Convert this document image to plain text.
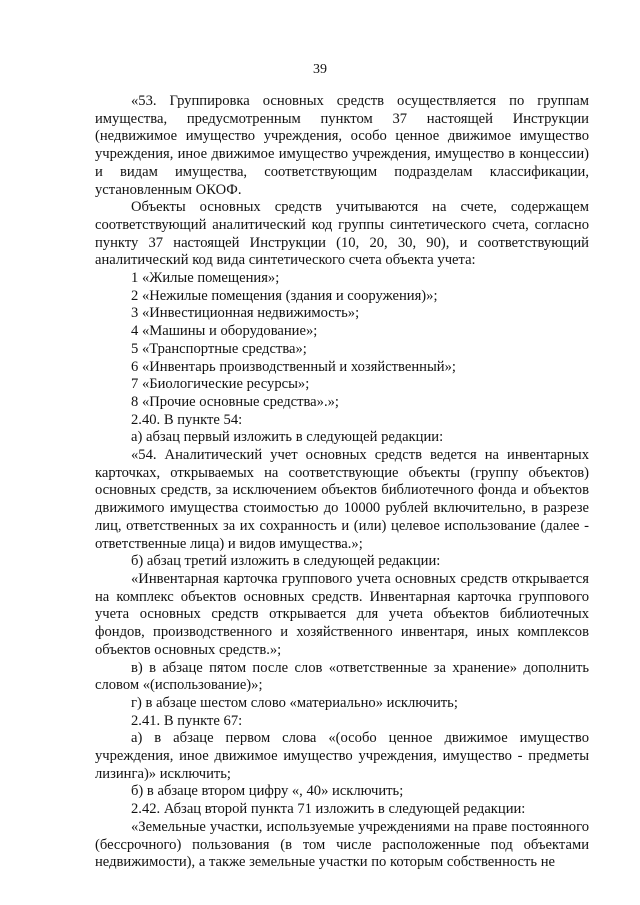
39

«53. Группировка основных средств осуществляется по группам имущества, предусмотренным пунктом 37 настоящей Инструкции (недвижимое имущество учреждения, особо ценное движимое имущество учреждения, иное движимое имущество учреждения, имущество в концессии) и видам имущества, соответствующим подразделам классификации, установленным ОКОФ.

Объекты основных средств учитываются на счете, содержащем соответствующий аналитический код группы синтетического счета, согласно пункту 37 настоящей Инструкции (10, 20, 30, 90), и соответствующий аналитический код вида синтетического счета объекта учета:

1 «Жилые помещения»;

2 «Нежилые помещения (здания и сооружения)»;

3 «Инвестиционная недвижимость»;

4 «Машины и оборудование»;

5 «Транспортные средства»;

6 «Инвентарь производственный и хозяйственный»;

7 «Биологические ресурсы»;

8 «Прочие основные средства».»;

2.40. В пункте 54:

а) абзац первый изложить в следующей редакции:

«54. Аналитический учет основных средств ведется на инвентарных карточках, открываемых на соответствующие объекты (группу объектов) основных средств, за исключением объектов библиотечного фонда и объектов движимого имущества стоимостью до 10000 рублей включительно, в разрезе лиц, ответственных за их сохранность и (или) целевое использование (далее - ответственные лица) и видов имущества.»;

б) абзац третий изложить в следующей редакции:

«Инвентарная карточка группового учета основных средств открывается на комплекс объектов основных средств. Инвентарная карточка группового учета основных средств открывается для учета объектов библиотечных фондов, производственного и хозяйственного инвентаря, иных комплексов объектов основных средств.»;

в) в абзаце пятом после слов «ответственные за хранение» дополнить словом «(использование)»;

г) в абзаце шестом слово «материально» исключить;

2.41. В пункте 67:

а) в абзаце первом слова «(особо ценное движимое имущество учреждения, иное движимое имущество учреждения, имущество - предметы лизинга)» исключить;

б) в абзаце втором цифру «, 40» исключить;

2.42. Абзац второй пункта 71 изложить в следующей редакции:

«Земельные участки, используемые учреждениями на праве постоянного (бессрочного) пользования (в том числе расположенные под объектами недвижимости), а также земельные участки по которым собственность не
